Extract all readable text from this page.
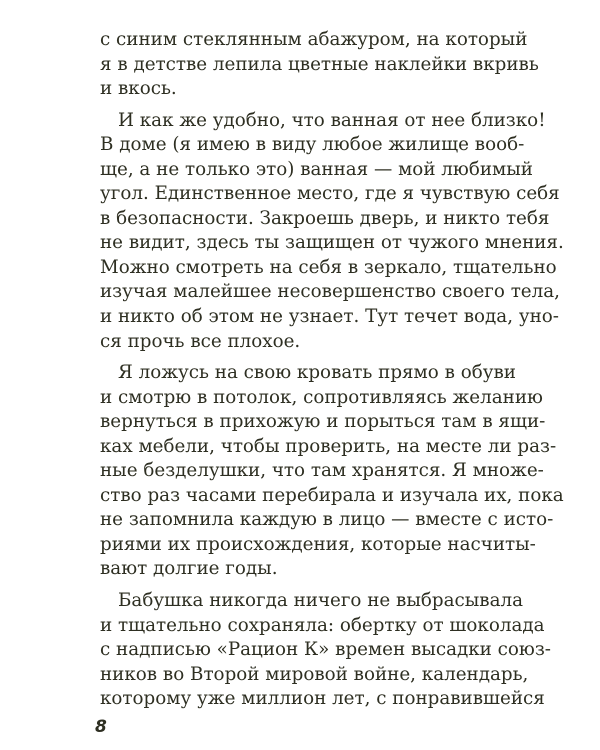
с синим стеклянным абажуром, на который
я в детстве лепила цветные наклейки вкривь
и вкось.

И как же удобно, что ванная от нее близко!
В доме (я имею в виду любое жилище вооб-
ще, а не только это) ванная — мой любимый
угол. Единственное место, где я чувствую себя
в безопасности. Закроешь дверь, и никто тебя
не видит, здесь ты защищен от чужого мнения.
Можно смотреть на себя в зеркало, тщательно
изучая малейшее несовершенство своего тела,
и никто об этом не узнает. Тут течет вода, уно-
ся прочь все плохое.

Я ложусь на свою кровать прямо в обуви
и смотрю в потолок, сопротивляясь желанию
вернуться в прихожую и порыться там в ящи-
ках мебели, чтобы проверить, на месте ли раз-
ные безделушки, что там хранятся. Я множе-
ство раз часами перебирала и изучала их, пока
не запомнила каждую в лицо — вместе с исто-
риями их происхождения, которые насчиты-
вают долгие годы.

Бабушка никогда ничего не выбрасывала
и тщательно сохраняла: обертку от шоколада
с надписью «Рацион К» времен высадки союз-
ников во Второй мировой войне, календарь,
которому уже миллион лет, с понравившейся

8
